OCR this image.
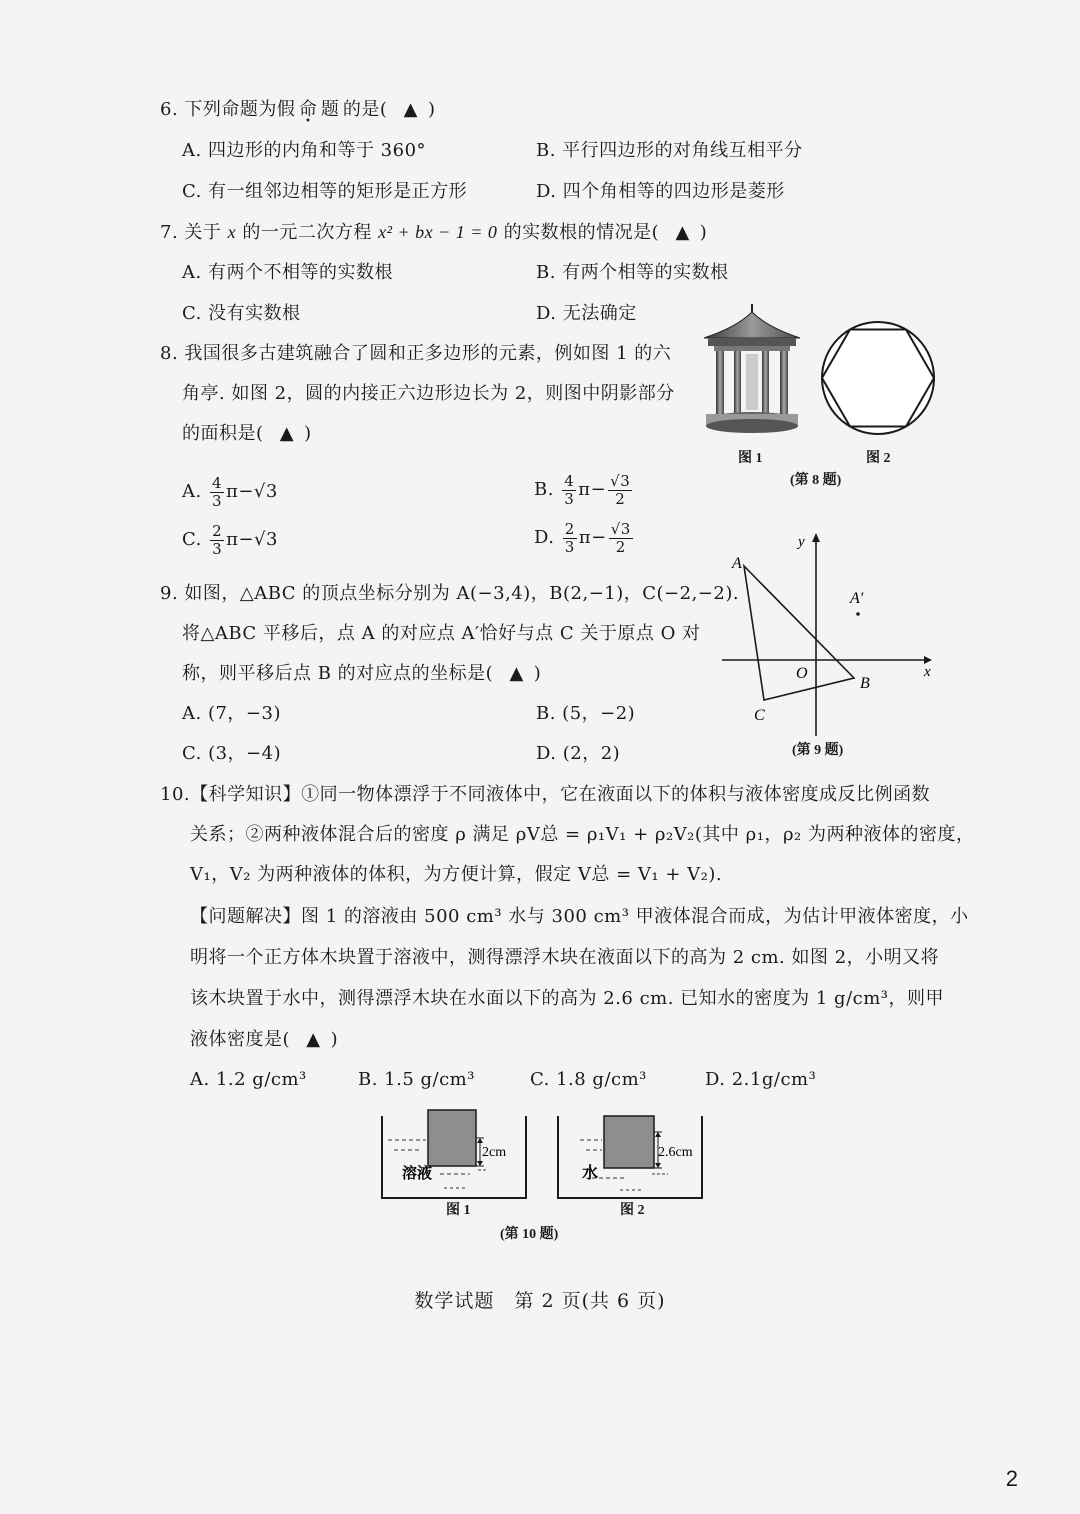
6. 下列命题为假命题的是( ▲ )
A. 四边形的内角和等于 360°	B. 平行四边形的对角线互相平分
C. 有一组邻边相等的矩形是正方形	D. 四个角相等的四边形是菱形
7. 关于 x 的一元二次方程 x² + bx − 1 = 0 的实数根的情况是( ▲ )
A. 有两个不相等的实数根	B. 有两个相等的实数根
C. 没有实数根	D. 无法确定
8. 我国很多古建筑融合了圆和正多边形的元素，例如图 1 的六
角亭. 如图 2，圆的内接正六边形边长为 2，则图中阴影部分
的面积是( ▲ )
A. $\frac{4}{3} \pi-√3$	B. $\frac{4}{3} \pi- \frac{√3}{2}$
C. $\frac{2}{3} \pi-√3$	D. $\frac{2}{3} \pi- \frac{√3}{2}$
图 1	图 2
(第 8 题)
9. 如图，△ABC 的顶点坐标分别为 A(−3,4)，B(2,−1)，C(−2,−2).
将△ABC 平移后，点 A 的对应点 A′恰好与点 C 关于原点 O 对
称，则平移后点 B 的对应点的坐标是( ▲ )
A. (7，−3)	B. (5，−2)
C. (3，−4)	D. (2，2)
A
A′
B
C
O	x
y
(第 9 题)
10.【科学知识】①同一物体漂浮于不同液体中，它在液面以下的体积与液体密度成反比例函数
关系；②两种液体混合后的密度 ρ 满足 ρV总 = ρ₁V₁ + ρ₂V₂(其中 ρ₁，ρ₂ 为两种液体的密度，
V₁，V₂ 为两种液体的体积，为方便计算，假定 V总 = V₁ + V₂).
【问题解决】图 1 的溶液由 500 cm³ 水与 300 cm³ 甲液体混合而成，为估计甲液体密度，小
明将一个正方体木块置于溶液中，测得漂浮木块在液面以下的高为 2 cm. 如图 2，小明又将
该木块置于水中，测得漂浮木块在水面以下的高为 2.6 cm. 已知水的密度为 1 g/cm³，则甲
液体密度是( ▲ )
A. 1.2 g/cm³	B. 1.5 g/cm³	C. 1.8 g/cm³	D. 2.1g/cm³
2cm
溶液
图 1
2.6cm
水
图 2
(第 10 题)
数学试题　第 2 页(共 6 页)
2
